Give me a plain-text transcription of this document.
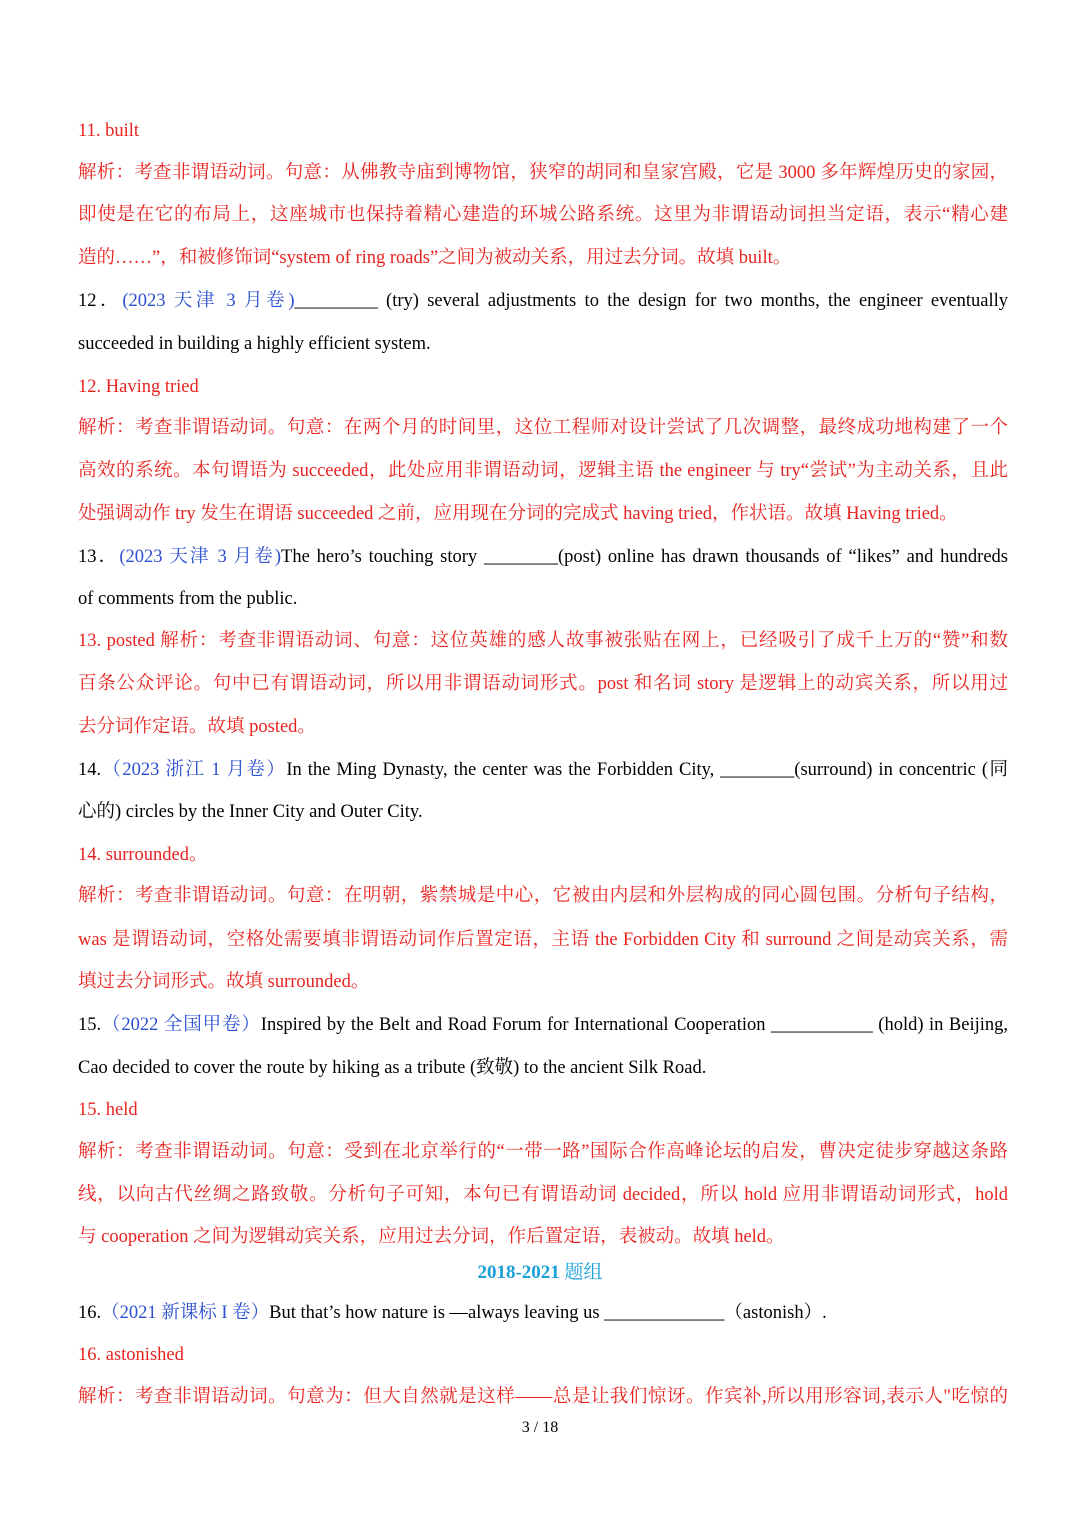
11. built
解析：考查非谓语动词。句意：从佛教寺庙到博物馆，狭窄的胡同和皇家宫殿，它是 3000 多年辉煌历史的家园，
即使是在它的布局上，这座城市也保持着精心建造的环城公路系统。这里为非谓语动词担当定语，表示“精心建
造的……”，和被修饰词“system of ring roads”之间为被动关系，用过去分词。故填 built。
12．(2023 天津 3 月卷)_________ (try) several adjustments to the design for two months, the engineer eventually
succeeded in building a highly efficient system.
12. Having tried
解析：考查非谓语动词。句意：在两个月的时间里，这位工程师对设计尝试了几次调整，最终成功地构建了一个
高效的系统。本句谓语为 succeeded，此处应用非谓语动词，逻辑主语 the engineer 与 try“尝试”为主动关系，且此
处强调动作 try 发生在谓语 succeeded 之前，应用现在分词的完成式 having tried，作状语。故填 Having tried。
13．(2023 天津 3 月卷)The hero’s touching story ________(post) online has drawn thousands of “likes” and hundreds
of comments from the public.
13. posted 解析：考查非谓语动词、句意：这位英雄的感人故事被张贴在网上，已经吸引了成千上万的“赞”和数
百条公众评论。句中已有谓语动词，所以用非谓语动词形式。post 和名词 story 是逻辑上的动宾关系，所以用过
去分词作定语。故填 posted。
14.（2023 浙江 1 月卷）In the Ming Dynasty, the center was the Forbidden City, ________(surround) in concentric (同
心的) circles by the Inner City and Outer City.
14. surrounded。
解析：考查非谓语动词。句意：在明朝，紫禁城是中心，它被由内层和外层构成的同心圆包围。分析句子结构，
was 是谓语动词，空格处需要填非谓语动词作后置定语，主语 the Forbidden City 和 surround 之间是动宾关系，需
填过去分词形式。故填 surrounded。
15.（2022 全国甲卷）Inspired by the Belt and Road Forum for International Cooperation ___________ (hold) in Beijing,
Cao decided to cover the route by hiking as a tribute (致敬) to the ancient Silk Road.
15. held
解析：考查非谓语动词。句意：受到在北京举行的“一带一路”国际合作高峰论坛的启发，曹决定徒步穿越这条路
线，以向古代丝绸之路致敬。分析句子可知，本句已有谓语动词 decided，所以 hold 应用非谓语动词形式，hold
与 cooperation 之间为逻辑动宾关系，应用过去分词，作后置定语，表被动。故填 held。
2018-2021 题组
16.（2021 新课标 I 卷）But that’s how nature is —always leaving us _____________（astonish）.
16. astonished
解析：考查非谓语动词。句意为：但大自然就是这样——总是让我们惊讶。作宾补,所以用形容词,表示人"吃惊的
3 / 18
